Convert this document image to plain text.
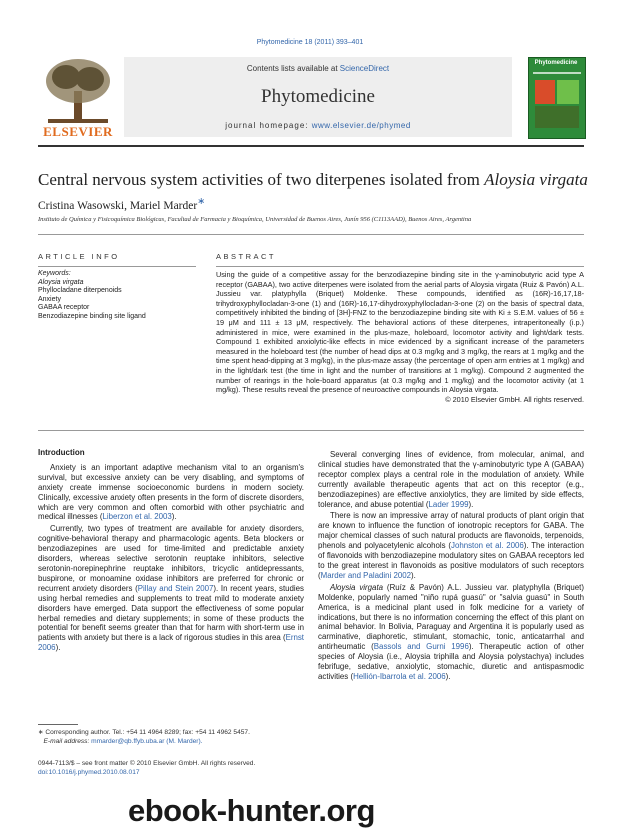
Phytomedicine 18 (2011) 393–401
ELSEVIER
Contents lists available at ScienceDirect
Phytomedicine
journal homepage: www.elsevier.de/phymed
Phytomedicine
Central nervous system activities of two diterpenes isolated from Aloysia virgata
Cristina Wasowski, Mariel Marder∗
Instituto de Química y Fisicoquímica Biológicas, Facultad de Farmacia y Bioquímica, Universidad de Buenos Aires, Junín 956 (C1113AAD), Buenos Aires, Argentina
ARTICLE INFO	ABSTRACT
Keywords:
Aloysia virgata
Phyllocladane diterpenoids
Anxiety
GABAA receptor
Benzodiazepine binding site ligand
Using the guide of a competitive assay for the benzodiazepine binding site in the γ-aminobutyric acid type A receptor (GABAA), two active diterpenes were isolated from the aerial parts of Aloysia virgata (Ruiz & Pavón) A.L. Jussieu var. platyphylla (Briquet) Moldenke. These compounds, identified as (16R)-16,17,18-trihydroxyphyllocladan-3-one (1) and (16R)-16,17-dihydroxyphyllocladan-3-one (2) on the basis of spectral data, competitively inhibited the binding of [3H]-FNZ to the benzodiazepine binding site with Ki ± S.E.M. values of 56 ± 19 μM and 111 ± 13 μM, respectively. The behavioral actions of these diterpenes, intraperitoneally (i.p.) administered in mice, were examined in the plus-maze, holeboard, locomotor activity and light/dark tests. Compound 1 exhibited anxiolytic-like effects in mice evidenced by a significant increase of the parameters measured in the holeboard test (the number of head dips at 0.3 mg/kg and 3 mg/kg, the rears at 1 mg/kg and the time spent head-dipping at 3 mg/kg), in the plus-maze assay (the percentage of open arm entries at 1 mg/kg) and in the light/dark test (the time in light and the number of transitions at 1 mg/kg). Compound 2 augmented the number of rearings in the hole-board apparatus (at 0.3 mg/kg and 1 mg/kg) and the locomotor activity (at 1 mg/kg). These results reveal the presence of neuroactive compounds in Aloysia virgata.
© 2010 Elsevier GmbH. All rights reserved.
Introduction

Anxiety is an important adaptive mechanism vital to an organism's survival, but excessive anxiety can be very disabling, and symptoms of anxiety create immense socioeconomic burdens in modern society. Clinically, excessive anxiety often presents in the form of discrete disorders, which are very common and often comorbid with other psychiatric and medical illnesses (Liberzon et al. 2003).

Currently, two types of treatment are available for anxiety disorders, cognitive-behavioral therapy and pharmacologic agents. Beta blockers or benzodiazepines are used for time-limited and predictable anxiety disorders, whereas selective serotonin reuptake inhibitors, selective serotonin-norepinephrine reuptake inhibitors, tricyclic antidepressants, buspirone, or monoamine oxidase inhibitors are preferred for chronic or recurrent anxiety disorders (Pillay and Stein 2007). In recent years, studies using herbal remedies and supplements to treat mild to moderate anxiety disorders have emerged. Data support the effectiveness of some popular herbal remedies and dietary supplements; in some of these products the potential for benefit seems greater than that for harm with short-term use in patients with anxiety but there is a lack of rigorous studies in this area (Ernst 2006).

Several converging lines of evidence, from molecular, animal, and clinical studies have demonstrated that the γ-aminobutyric type A (GABAA) receptor complex plays a central role in the modulation of anxiety. While currently available therapeutic agents that act on this receptor (e.g., benzodiazepines) are effective anxiolytics, they are limited by side effects, tolerance, and abuse potential (Lader 1999).

There is now an impressive array of natural products of plant origin that are known to influence the function of ionotropic receptors for GABA. The major chemical classes of such natural products are flavonoids, terpenoids, phenols and polyacetylenic alcohols (Johnston et al. 2006). The interaction of flavonoids with benzodiazepine modulatory sites on GABAA receptors led to the great interest in flavonoids as positive modulators of such receptors (Marder and Paladini 2002).

Aloysia virgata (Ruíz & Pavón) A.L. Jussieu var. platyphylla (Briquet) Moldenke, popularly named "niño rupá guasú" or "salvia guasú" in South America, is a medicinal plant used in folk medicine for a variety of indications, but there is no information concerning the effect of this plant on animal behavior. In Bolivia, Paraguay and Argentina it is popularly used as carminative, diaphoretic, stimulant, stomachic, tonic, anticatarrhal and antirheumatic (Bassols and Gurni 1996). Therapeutic action of other species of Aloysia (i.e., Aloysia triphilla and Aloysia polystachya) includes febrifuge, sedative, anxiolytic, stomachic, diuretic and antispasmodic activities (Hellión-Ibarrola et al. 2006).

∗ Corresponding author. Tel.: +54 11 4964 8289; fax: +54 11 4962 5457.
E-mail address: mmarder@qb.ffyb.uba.ar (M. Marder).
0944-7113/$ – see front matter © 2010 Elsevier GmbH. All rights reserved.
doi:10.1016/j.phymed.2010.08.017
ebook-hunter.org
